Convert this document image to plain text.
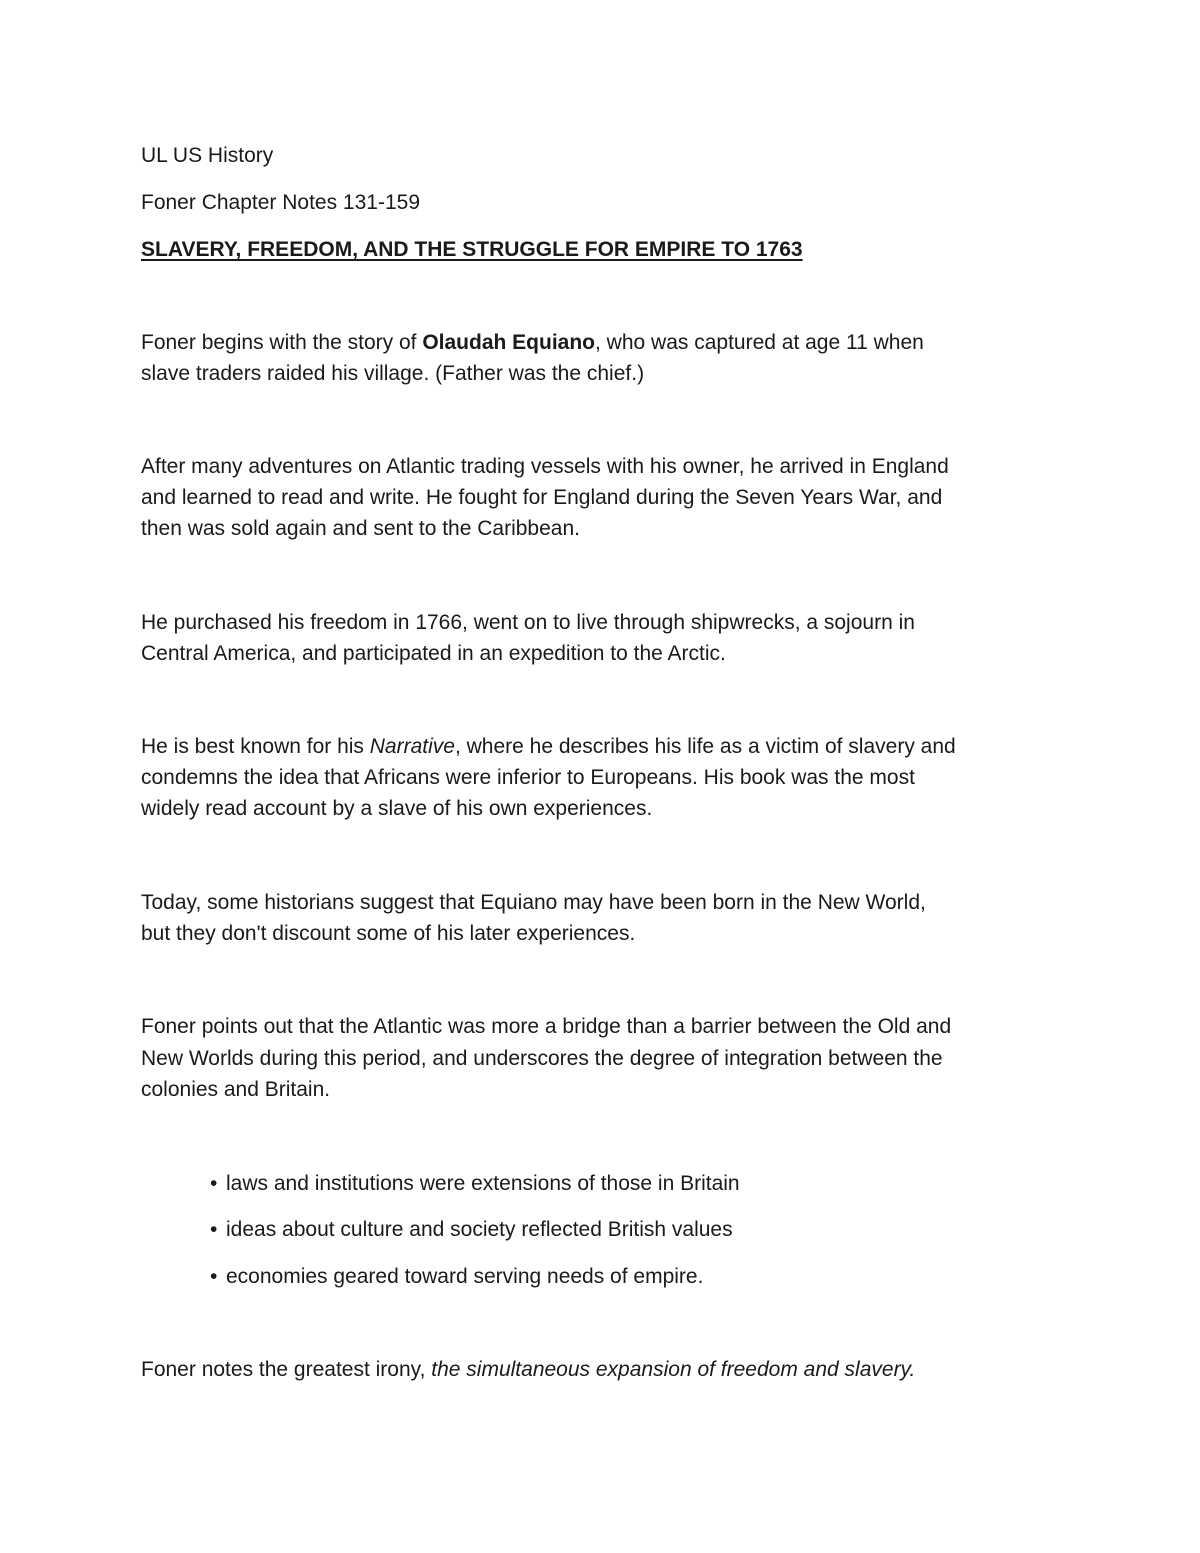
UL US History

Foner Chapter Notes 131-159

SLAVERY, FREEDOM, AND THE STRUGGLE FOR EMPIRE TO 1763

Foner begins with the story of Olaudah Equiano, who was captured at age 11 when

slave traders raided his village. (Father was the chief.)

After many adventures on Atlantic trading vessels with his owner, he arrived in England

and learned to read and write. He fought for England during the Seven Years War, and

then was sold again and sent to the Caribbean.

He purchased his freedom in 1766, went on to live through shipwrecks, a sojourn in

Central America, and participated in an expedition to the Arctic.

He is best known for his Narrative, where he describes his life as a victim of slavery and

condemns the idea that Africans were inferior to Europeans. His book was the most

widely read account by a slave of his own experiences.

Today, some historians suggest that Equiano may have been born in the New World,

but they don't discount some of his later experiences.

Foner points out that the Atlantic was more a bridge than a barrier between the Old and

New Worlds during this period, and underscores the degree of integration between the

colonies and Britain.

• laws and institutions were extensions of those in Britain

• ideas about culture and society reflected British values

• economies geared toward serving needs of empire.

Foner notes the greatest irony, the simultaneous expansion of freedom and slavery.
